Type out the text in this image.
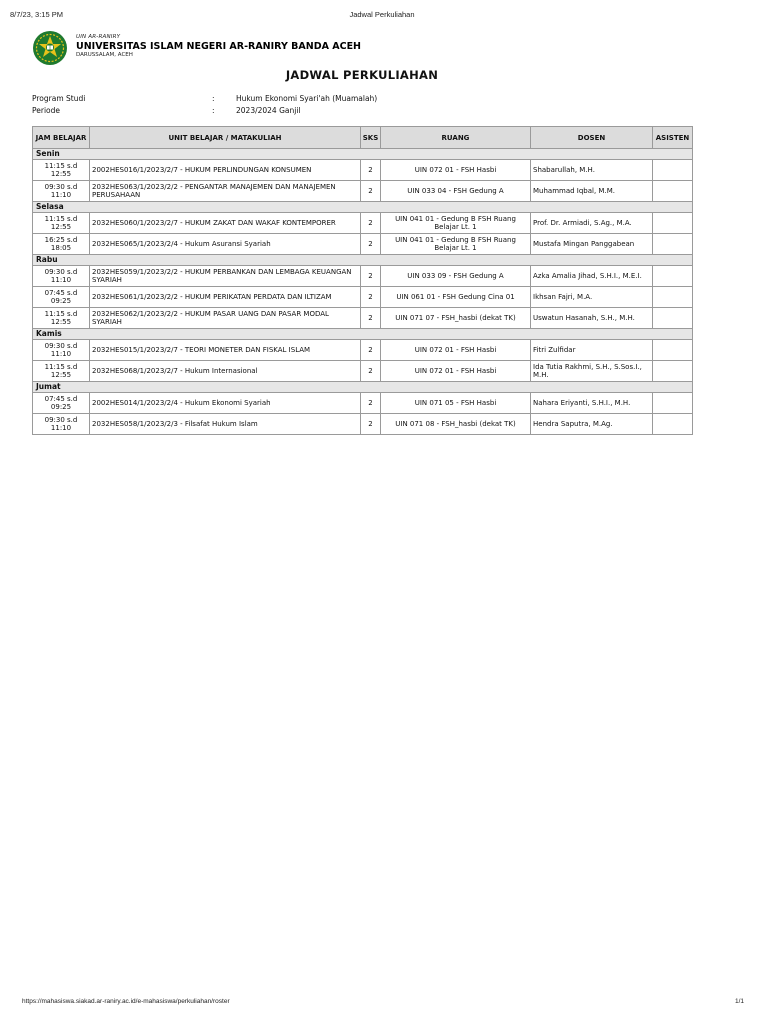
8/7/23, 3:15 PM	Jadwal Perkuliahan
UIN AR-RANIRY
UNIVERSITAS ISLAM NEGERI AR-RANIRY BANDA ACEH
DARUSSALAM, ACEH
JADWAL PERKULIAHAN
Program Studi	:	Hukum Ekonomi Syari'ah (Muamalah)
Periode	:	2023/2024 Ganjil
JAM BELAJAR	UNIT BELAJAR / MATAKULIAH	SKS	RUANG	DOSEN	ASISTEN
Senin					
11:15 s.d 12:55	2002HES016/1/2023/2/7 - HUKUM PERLINDUNGAN KONSUMEN	2	UIN 072 01 - FSH Hasbi	Shabarullah, M.H.	
09:30 s.d 11:10	2032HES063/1/2023/2/2 - PENGANTAR MANAJEMEN DAN MANAJEMEN PERUSAHAAN	2	UIN 033 04 - FSH Gedung A	Muhammad Iqbal, M.M.	
Selasa					
11:15 s.d 12:55	2032HES060/1/2023/2/7 - HUKUM ZAKAT DAN WAKAF KONTEMPORER	2	UIN 041 01 - Gedung B FSH Ruang Belajar Lt. 1	Prof. Dr. Armiadi, S.Ag., M.A.	
16:25 s.d 18:05	2032HES065/1/2023/2/4 - Hukum Asuransi Syariah	2	UIN 041 01 - Gedung B FSH Ruang Belajar Lt. 1	Mustafa Mingan Panggabean	
Rabu					
09:30 s.d 11:10	2032HES059/1/2023/2/2 - HUKUM PERBANKAN DAN LEMBAGA KEUANGAN SYARIAH	2	UIN 033 09 - FSH Gedung A	Azka Amalia Jihad, S.H.I., M.E.I.	
07:45 s.d 09:25	2032HES061/1/2023/2/2 - HUKUM PERIKATAN PERDATA DAN ILTIZAM	2	UIN 061 01 - FSH Gedung Cina 01	Ikhsan Fajri, M.A.	
11:15 s.d 12:55	2032HES062/1/2023/2/2 - HUKUM PASAR UANG DAN PASAR MODAL SYARIAH	2	UIN 071 07 - FSH_hasbi (dekat TK)	Uswatun Hasanah, S.H., M.H.	
Kamis					
09:30 s.d 11:10	2032HES015/1/2023/2/7 - TEORI MONETER DAN FISKAL ISLAM	2	UIN 072 01 - FSH Hasbi	Fitri Zulfidar	
11:15 s.d 12:55	2032HES068/1/2023/2/7 - Hukum Internasional	2	UIN 072 01 - FSH Hasbi	Ida Tutia Rakhmi, S.H., S.Sos.I., M.H.	
Jumat					
07:45 s.d 09:25	2002HES014/1/2023/2/4 - Hukum Ekonomi Syariah	2	UIN 071 05 - FSH Hasbi	Nahara Eriyanti, S.H.I., M.H.	
09:30 s.d 11:10	2032HES058/1/2023/2/3 - Filsafat Hukum Islam	2	UIN 071 08 - FSH_hasbi (dekat TK)	Hendra Saputra, M.Ag.	
https://mahasiswa.siakad.ar-raniry.ac.id/e-mahasiswa/perkuliahan/roster	1/1
